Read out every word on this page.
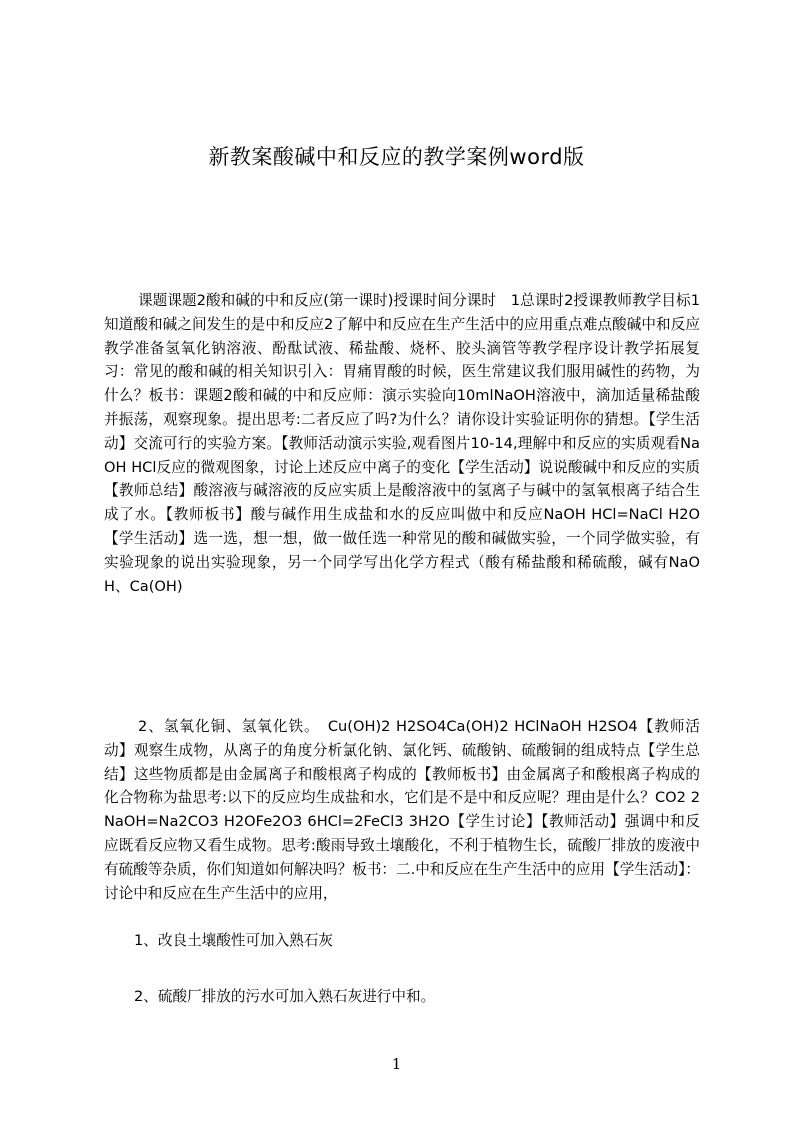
新教案酸碱中和反应的教学案例word版
课题课题2酸和碱的中和反应(第一课时)授课时间分课时　1总课时2授课教师教学目标1知道酸和碱之间发生的是中和反应2了解中和反应在生产生活中的应用重点难点酸碱中和反应教学准备氢氧化钠溶液、酚酞试液、稀盐酸、烧杯、胶头滴管等教学程序设计教学拓展复习：常见的酸和碱的相关知识引入：胃痛胃酸的时候，医生常建议我们服用碱性的药物，为什么？板书：课题2酸和碱的中和反应师：演示实验向10mlNaOH溶液中，滴加适量稀盐酸并振荡，观察现象。提出思考:二者反应了吗?为什么？请你设计实验证明你的猜想。【学生活动】交流可行的实验方案。【教师活动演示实验,观看图片10-14,理解中和反应的实质观看NaOH HCl反应的微观图象，讨论上述反应中离子的变化【学生活动】说说酸碱中和反应的实质【教师总结】酸溶液与碱溶液的反应实质上是酸溶液中的氢离子与碱中的氢氧根离子结合生成了水。【教师板书】酸与碱作用生成盐和水的反应叫做中和反应NaOH HCl=NaCl H2O【学生活动】选一选，想一想，做一做任选一种常见的酸和碱做实验，一个同学做实验，有实验现象的说出实验现象，另一个同学写出化学方程式（酸有稀盐酸和稀硫酸，碱有NaOH、Ca(OH)
2、氢氧化铜、氢氧化铁。　Cu(OH)2 H2SO4Ca(OH)2 HClNaOH H2SO4【教师活动】观察生成物，从离子的角度分析氯化钠、氯化钙、硫酸钠、硫酸铜的组成特点【学生总结】这些物质都是由金属离子和酸根离子构成的【教师板书】由金属离子和酸根离子构成的化合物称为盐思考:以下的反应均生成盐和水，它们是不是中和反应呢？理由是什么？CO2 2NaOH=Na2CO3 H2OFe2O3 6HCl=2FeCl3 3H2O【学生讨论】【教师活动】强调中和反应既看反应物又看生成物。思考:酸雨导致土壤酸化，不利于植物生长，硫酸厂排放的废液中有硫酸等杂质，你们知道如何解决吗？板书：二.中和反应在生产生活中的应用【学生活动】：讨论中和反应在生产生活中的应用，
1、改良土壤酸性可加入熟石灰
2、硫酸厂排放的污水可加入熟石灰进行中和。
1
